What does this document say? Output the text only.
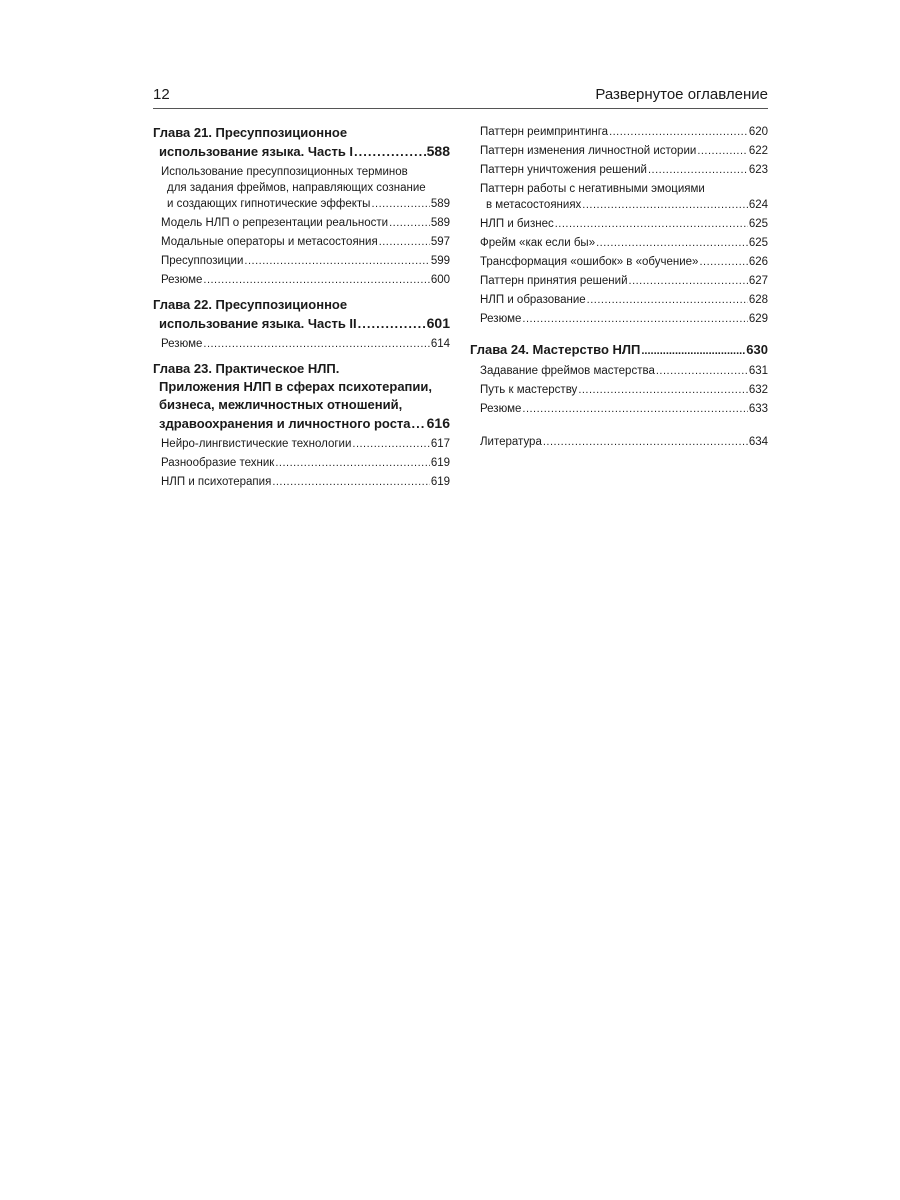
12	Развернутое оглавление
Глава 21. Пресуппозиционное
использование языка. Часть I .....	588
Использование пресуппозиционных терминов
для задания фреймов, направляющих сознание
и создающих гипнотические эффекты .....	589
Модель НЛП о репрезентации реальности .....	589
Модальные операторы и метасостояния .....	597
Пресуппозиции .....	599
Резюме .....	600
Глава 22. Пресуппозиционное
использование языка. Часть II .....	601
Резюме .....	614
Глава 23. Практическое НЛП.
Приложения НЛП в сферах психотерапии,
бизнеса, межличностных отношений,
здравоохранения и личностного роста ..... 616
Нейро-лингвистические технологии .....	617
Разнообразие техник .....	619
НЛП и психотерапия .....	619
Паттерн реимпринтинга .....	620
Паттерн изменения личностной истории .....	622
Паттерн уничтожения решений .....	623
Паттерн работы с негативными эмоциями
в метасостояниях .....	624
НЛП и бизнес .....	625
Фрейм «как если бы» .....	625
Трансформация «ошибок» в «обучение» .....	626
Паттерн принятия решений .....	627
НЛП и образование .....	628
Резюме .....	629
Глава 24. Мастерство НЛП .....	630
Задавание фреймов мастерства .....	631
Путь к мастерству .....	632
Резюме .....	633
Литература .....	634
